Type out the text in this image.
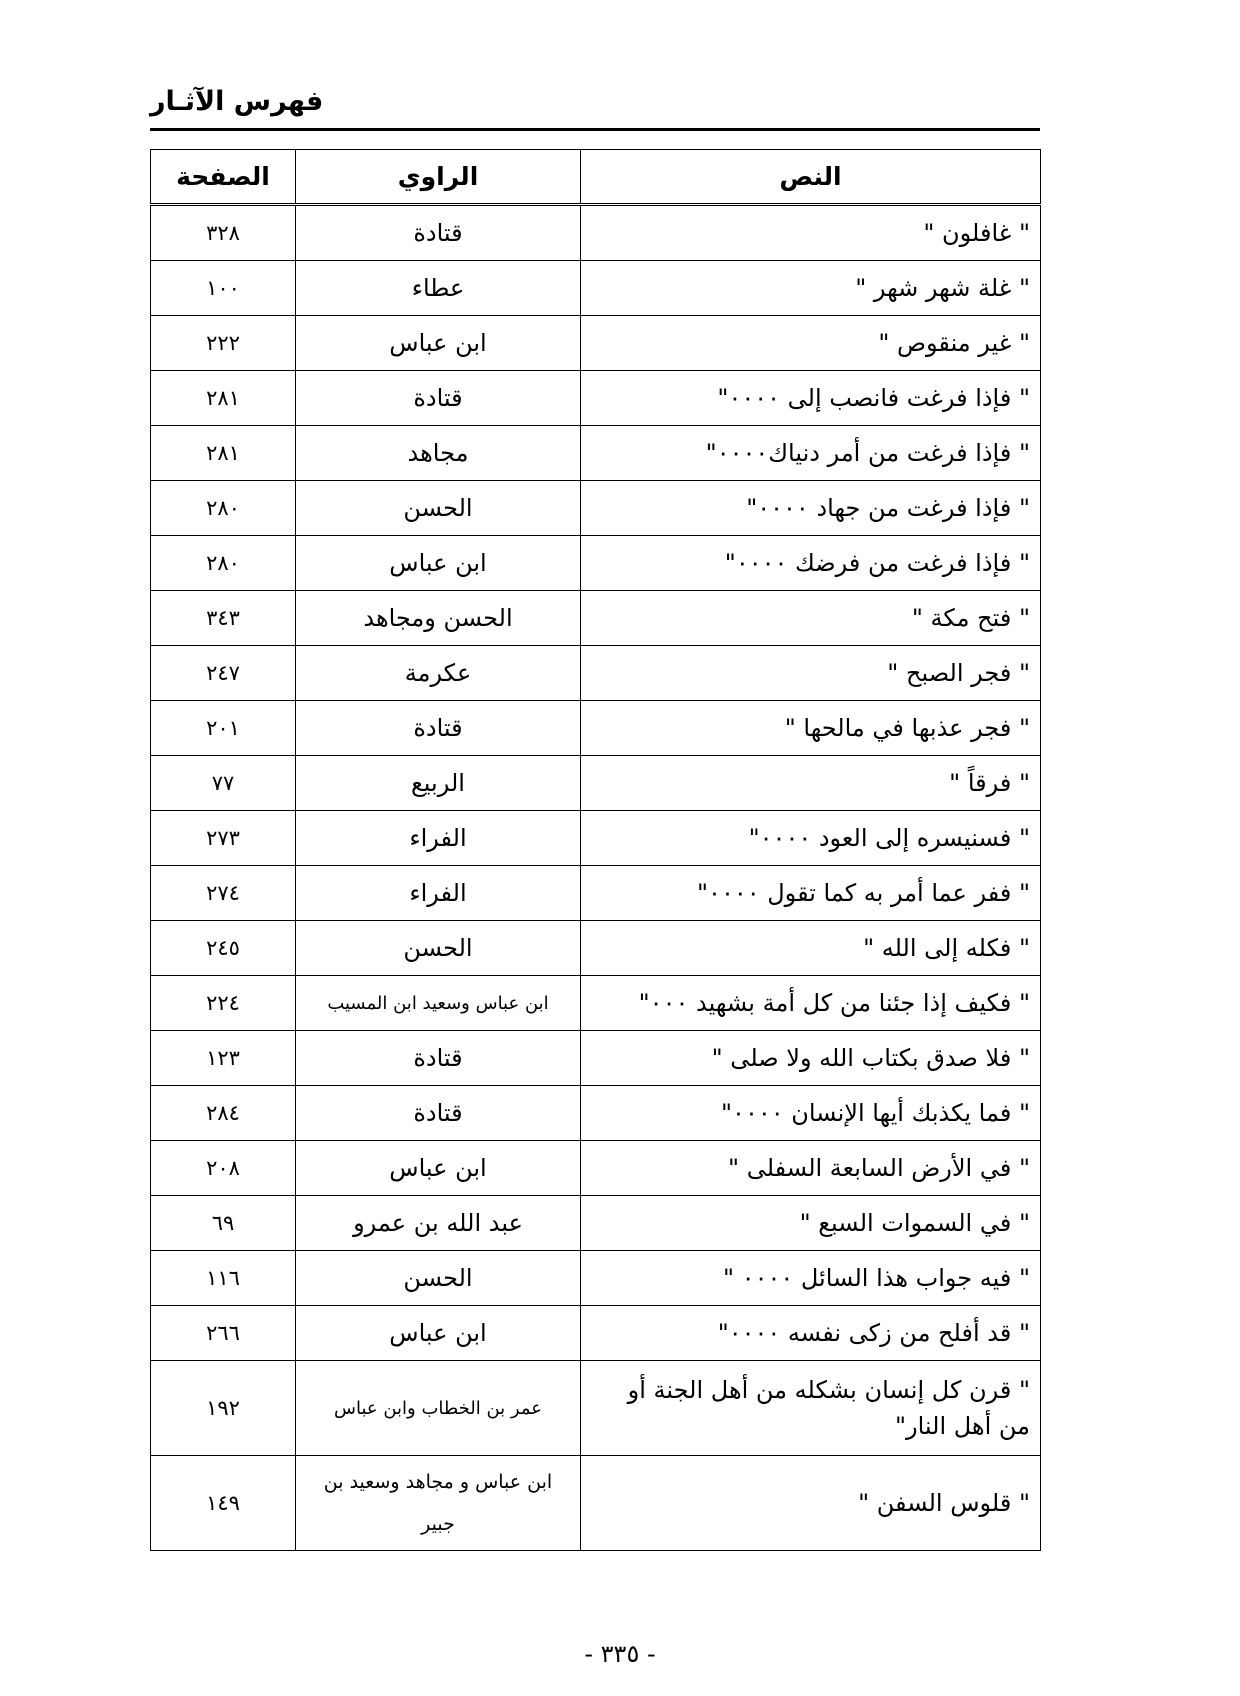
فهرس الآثـار
النص	الراوي	الصفحة
" غافلون "	قتادة	٣٢٨
" غلة شهر شهر "	عطاء	١٠٠
" غير منقوص "	ابن عباس	٢٢٢
" فإذا فرغت فانصب إلى ٠٠٠٠"	قتادة	٢٨١
" فإذا فرغت من أمر دنياك٠٠٠٠"	مجاهد	٢٨١
" فإذا فرغت من جهاد ٠٠٠٠"	الحسن	٢٨٠
" فإذا فرغت من فرضك ٠٠٠٠"	ابن عباس	٢٨٠
" فتح مكة "	الحسن ومجاهد	٣٤٣
" فجر الصبح "	عكرمة	٢٤٧
" فجر عذبها في مالحها "	قتادة	٢٠١
" فرقاً "	الربيع	٧٧
" فسنيسره إلى العود ٠٠٠٠"	الفراء	٢٧٣
" ففر عما أمر به كما تقول ٠٠٠٠"	الفراء	٢٧٤
" فكله إلى الله "	الحسن	٢٤٥
" فكيف إذا جئنا من كل أمة بشهيد ٠٠٠"	ابن عباس وسعيد ابن المسيب	٢٢٤
" فلا صدق بكتاب الله ولا صلى "	قتادة	١٢٣
" فما يكذبك أيها الإنسان ٠٠٠٠"	قتادة	٢٨٤
" في الأرض السابعة السفلى "	ابن عباس	٢٠٨
" في السموات السبع "	عبد الله بن عمرو	٦٩
" فيه جواب هذا السائل ٠٠٠٠ "	الحسن	١١٦
" قد أفلح من زكى نفسه ٠٠٠٠"	ابن عباس	٢٦٦
" قرن كل إنسان بشكله من أهل الجنة أو من أهل النار"	عمر بن الخطاب وابن عباس	١٩٢
" قلوس السفن "	ابن عباس و مجاهد وسعيد بن جبير	١٤٩
- ٣٣٥ -
